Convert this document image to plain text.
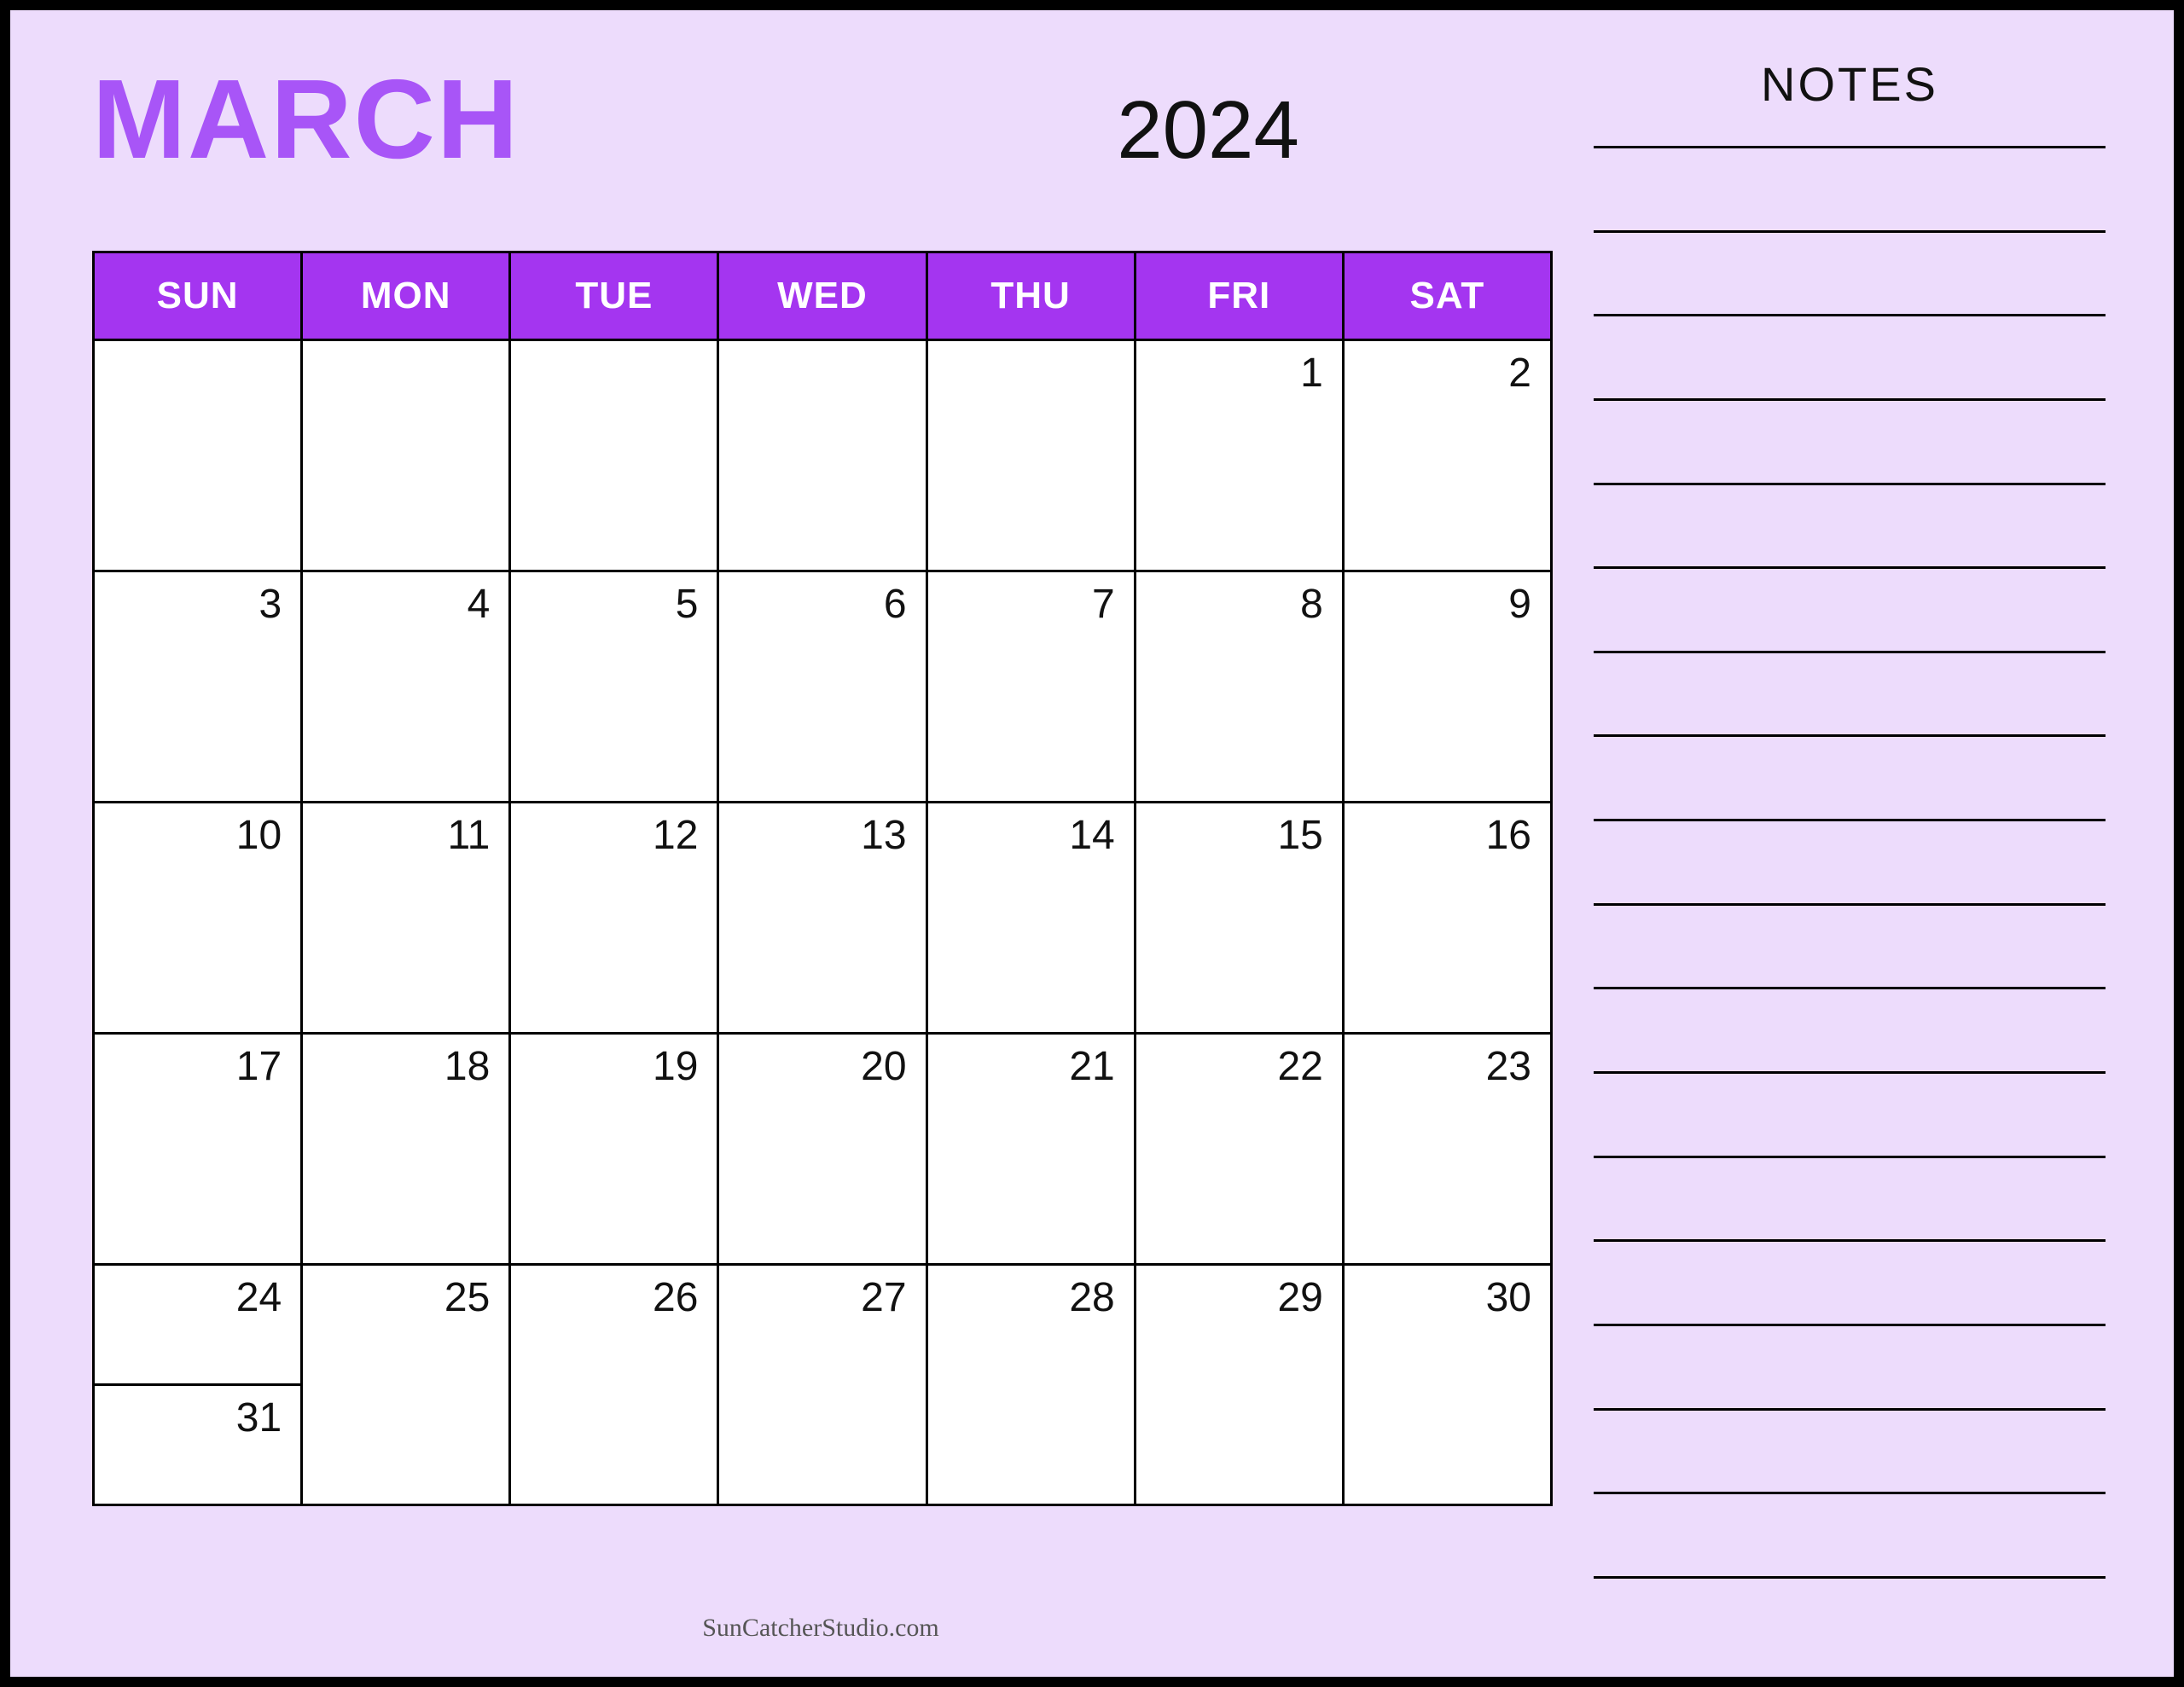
MARCH	2024
SUN	MON	TUE	WED	THU	FRI	SAT
					1	2
3	4	5	6	7	8	9
10	11	12	13	14	15	16
17	18	19	20	21	22	23
24	25	26	27	28	29	30
31						
NOTES
SunCatcherStudio.com
